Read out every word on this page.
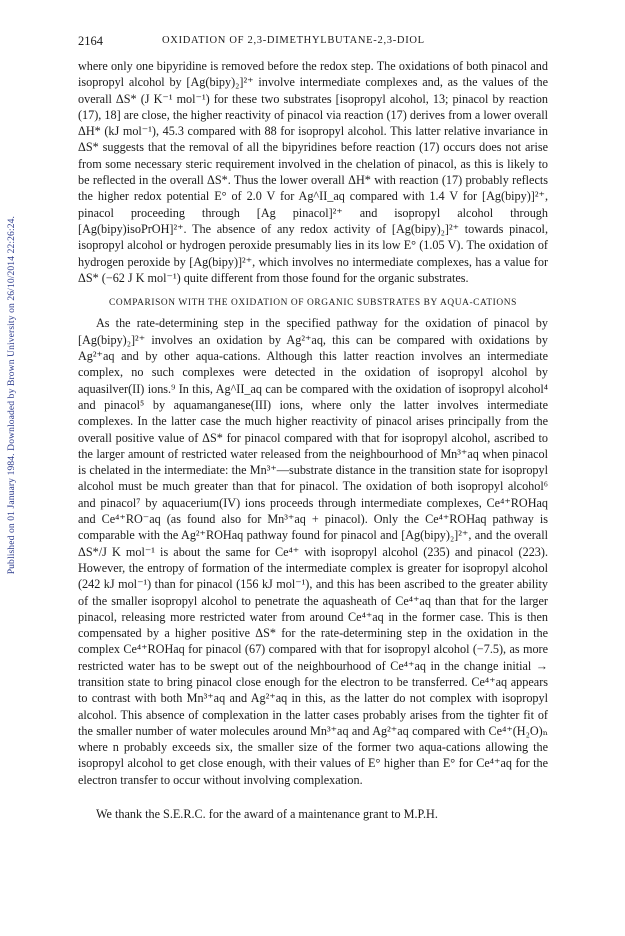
Published on 01 January 1984. Downloaded by Brown University on 26/10/2014 22:26:24.
2164	OXIDATION OF 2,3-DIMETHYLBUTANE-2,3-DIOL

where only one bipyridine is removed before the redox step. The oxidations of both pinacol and isopropyl alcohol by [Ag(bipy)₂]²⁺ involve intermediate complexes and, as the values of the overall ΔS* (J K⁻¹ mol⁻¹) for these two substrates [isopropyl alcohol, 13; pinacol by reaction (17), 18] are close, the higher reactivity of pinacol via reaction (17) derives from a lower overall ΔH* (kJ mol⁻¹), 45.3 compared with 88 for isopropyl alcohol. This latter relative invariance in ΔS* suggests that the removal of all the bipyridines before reaction (17) occurs does not arise from some necessary steric requirement involved in the chelation of pinacol, as this is likely to be reflected in the overall ΔS*. Thus the lower overall ΔH* with reaction (17) probably reflects the higher redox potential E° of 2.0 V for Ag^II_aq compared with 1.4 V for [Ag(bipy)]²⁺, pinacol proceeding through [Ag pinacol]²⁺ and isopropyl alcohol through [Ag(bipy)isoPrOH]²⁺. The absence of any redox activity of [Ag(bipy)₂]²⁺ towards pinacol, isopropyl alcohol or hydrogen peroxide presumably lies in its low E° (1.05 V). The oxidation of hydrogen peroxide by [Ag(bipy)]²⁺, which involves no intermediate complexes, has a value for ΔS* (−62 J K mol⁻¹) quite different from those found for the organic substrates.

COMPARISON WITH THE OXIDATION OF ORGANIC SUBSTRATES BY AQUA-CATIONS

As the rate-determining step in the specified pathway for the oxidation of pinacol by [Ag(bipy)₂]²⁺ involves an oxidation by Ag²⁺aq, this can be compared with oxidations by Ag²⁺aq and by other aqua-cations. Although this latter reaction involves an intermediate complex, no such complexes were detected in the oxidation of isopropyl alcohol by aquasilver(II) ions.⁹ In this, Ag^II_aq can be compared with the oxidation of isopropyl alcohol⁴ and pinacol⁵ by aquamanganese(III) ions, where only the latter involves intermediate complexes. In the latter case the much higher reactivity of pinacol arises principally from the overall positive value of ΔS* for pinacol compared with that for isopropyl alcohol, ascribed to the larger amount of restricted water released from the neighbourhood of Mn³⁺aq when pinacol is chelated in the intermediate: the Mn³⁺—substrate distance in the transition state for isopropyl alcohol must be much greater than that for pinacol. The oxidation of both isopropyl alcohol⁶ and pinacol⁷ by aquacerium(IV) ions proceeds through intermediate complexes, Ce⁴⁺ROHaq and Ce⁴⁺RO⁻aq (as found also for Mn³⁺aq + pinacol). Only the Ce⁴⁺ROHaq pathway is comparable with the Ag²⁺ROHaq pathway found for pinacol and [Ag(bipy)₂]²⁺, and the overall ΔS*/J K mol⁻¹ is about the same for Ce⁴⁺ with isopropyl alcohol (235) and pinacol (223). However, the entropy of formation of the intermediate complex is greater for isopropyl alcohol (242 kJ mol⁻¹) than for pinacol (156 kJ mol⁻¹), and this has been ascribed to the greater ability of the smaller isopropyl alcohol to penetrate the aquasheath of Ce⁴⁺aq than that for the larger pinacol, releasing more restricted water from around Ce⁴⁺aq in the former case. This is then compensated by a higher positive ΔS* for the rate-determining step in the oxidation in the complex Ce⁴⁺ROHaq for pinacol (67) compared with that for isopropyl alcohol (−7.5), as more restricted water has to be swept out of the neighbourhood of Ce⁴⁺aq in the change initial → transition state to bring pinacol close enough for the electron to be transferred. Ce⁴⁺aq appears to contrast with both Mn³⁺aq and Ag²⁺aq in this, as the latter do not complex with isopropyl alcohol. This absence of complexation in the latter cases probably arises from the tighter fit of the smaller number of water molecules around Mn³⁺aq and Ag²⁺aq compared with Ce⁴⁺(H₂O)ₙ where n probably exceeds six, the smaller size of the former two aqua-cations allowing the isopropyl alcohol to get close enough, with their values of E° higher than E° for Ce⁴⁺aq for the electron transfer to occur without involving complexation.

We thank the S.E.R.C. for the award of a maintenance grant to M.P.H.
